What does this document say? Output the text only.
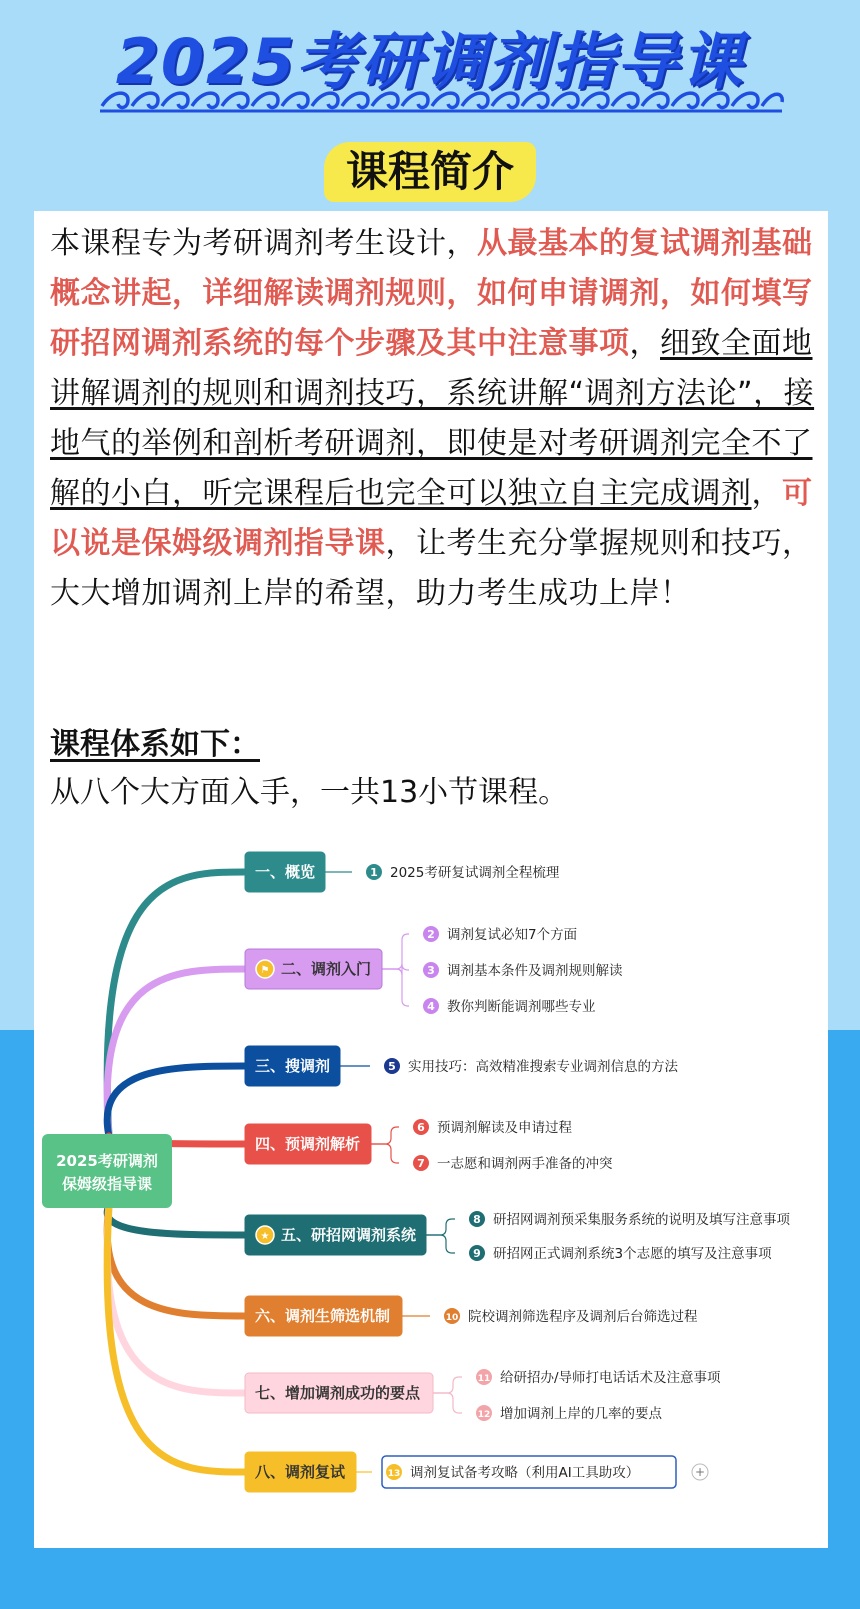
2025考研调剂指导课
课程简介

本课程专为考研调剂考生设计，从最基本的复试调剂基础概念讲起，详细解读调剂规则，如何申请调剂，如何填写研招网调剂系统的每个步骤及其中注意事项，细致全面地讲解调剂的规则和调剂技巧，系统讲解“调剂方法论”，接地气的举例和剖析考研调剂，即使是对考研调剂完全不了解的小白，听完课程后也完全可以独立自主完成调剂，可以说是保姆级调剂指导课，让考生充分掌握规则和技巧，大大增加调剂上岸的希望，助力考生成功上岸！

课程体系如下：
从八个大方面入手，一共13小节课程。
1 2025考研复试调剂全程梳理
2 调剂复试必知7个方面
3 调剂基本条件及调剂规则解读
4 教你判断能调剂哪些专业
5 实用技巧：高效精准搜索专业调剂信息的方法
6 预调剂解读及申请过程
7 一志愿和调剂两手准备的冲突
8 研招网调剂预采集服务系统的说明及填写注意事项
9 研招网正式调剂系统3个志愿的填写及注意事项
10 院校调剂筛选程序及调剂后台筛选过程
11 给研招办/导师打电话话术及注意事项
12 增加调剂上岸的几率的要点
+
13 调剂复试备考攻略（利用AI工具助攻）
一、概览
⚑ 二、调剂入门
三、搜调剂
四、预调剂解析
★ 五、研招网调剂系统
六、调剂生筛选机制
七、增加调剂成功的要点
八、调剂复试
2025考研调剂
保姆级指导课
